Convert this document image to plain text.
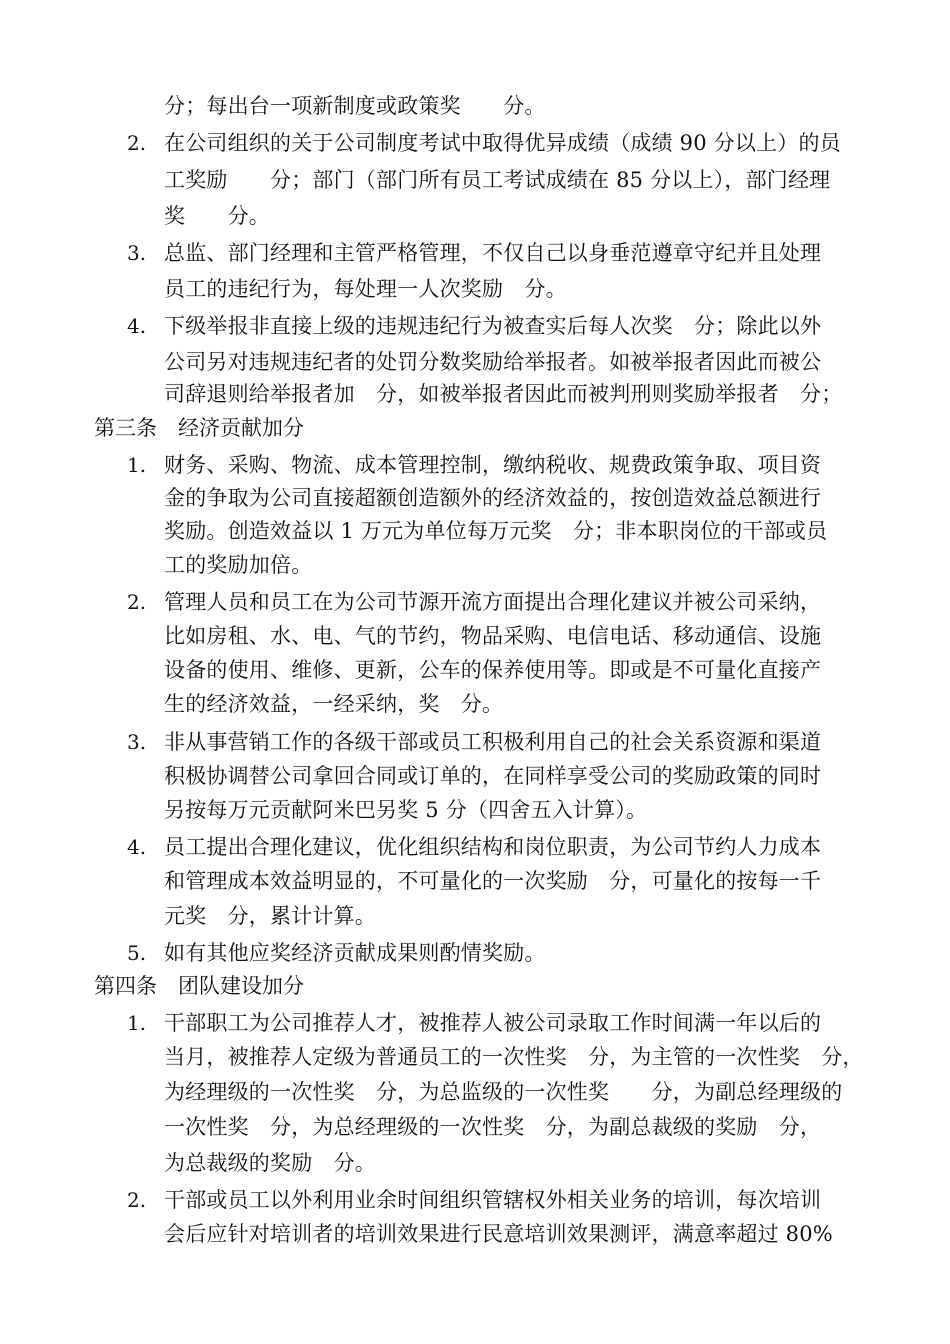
分；每出台一项新制度或政策奖　　分。
2. 在公司组织的关于公司制度考试中取得优异成绩（成绩 90 分以上）的员
工奖励　　分；部门（部门所有员工考试成绩在 85 分以上），部门经理
奖　　分。
3. 总监、部门经理和主管严格管理，不仅自己以身垂范遵章守纪并且处理
员工的违纪行为，每处理一人次奖励　分。
4. 下级举报非直接上级的违规违纪行为被查实后每人次奖　分；除此以外
公司另对违规违纪者的处罚分数奖励给举报者。如被举报者因此而被公
司辞退则给举报者加　分，如被举报者因此而被判刑则奖励举报者　分；
第三条　经济贡献加分
1. 财务、采购、物流、成本管理控制，缴纳税收、规费政策争取、项目资
金的争取为公司直接超额创造额外的经济效益的，按创造效益总额进行
奖励。创造效益以 1 万元为单位每万元奖　分；非本职岗位的干部或员
工的奖励加倍。
2. 管理人员和员工在为公司节源开流方面提出合理化建议并被公司采纳，
比如房租、水、电、气的节约，物品采购、电信电话、移动通信、设施
设备的使用、维修、更新，公车的保养使用等。即或是不可量化直接产
生的经济效益，一经采纳，奖　分。
3. 非从事营销工作的各级干部或员工积极利用自己的社会关系资源和渠道
积极协调替公司拿回合同或订单的，在同样享受公司的奖励政策的同时
另按每万元贡献阿米巴另奖 5 分（四舍五入计算）。
4. 员工提出合理化建议，优化组织结构和岗位职责，为公司节约人力成本
和管理成本效益明显的，不可量化的一次奖励　分，可量化的按每一千
元奖　分，累计计算。
5. 如有其他应奖经济贡献成果则酌情奖励。
第四条　团队建设加分
1. 干部职工为公司推荐人才，被推荐人被公司录取工作时间满一年以后的
当月，被推荐人定级为普通员工的一次性奖　分，为主管的一次性奖　分，
为经理级的一次性奖　分，为总监级的一次性奖　　分，为副总经理级的
一次性奖　分，为总经理级的一次性奖　分，为副总裁级的奖励　分，
为总裁级的奖励　分。
2. 干部或员工以外利用业余时间组织管辖权外相关业务的培训，每次培训
会后应针对培训者的培训效果进行民意培训效果测评，满意率超过 80%
